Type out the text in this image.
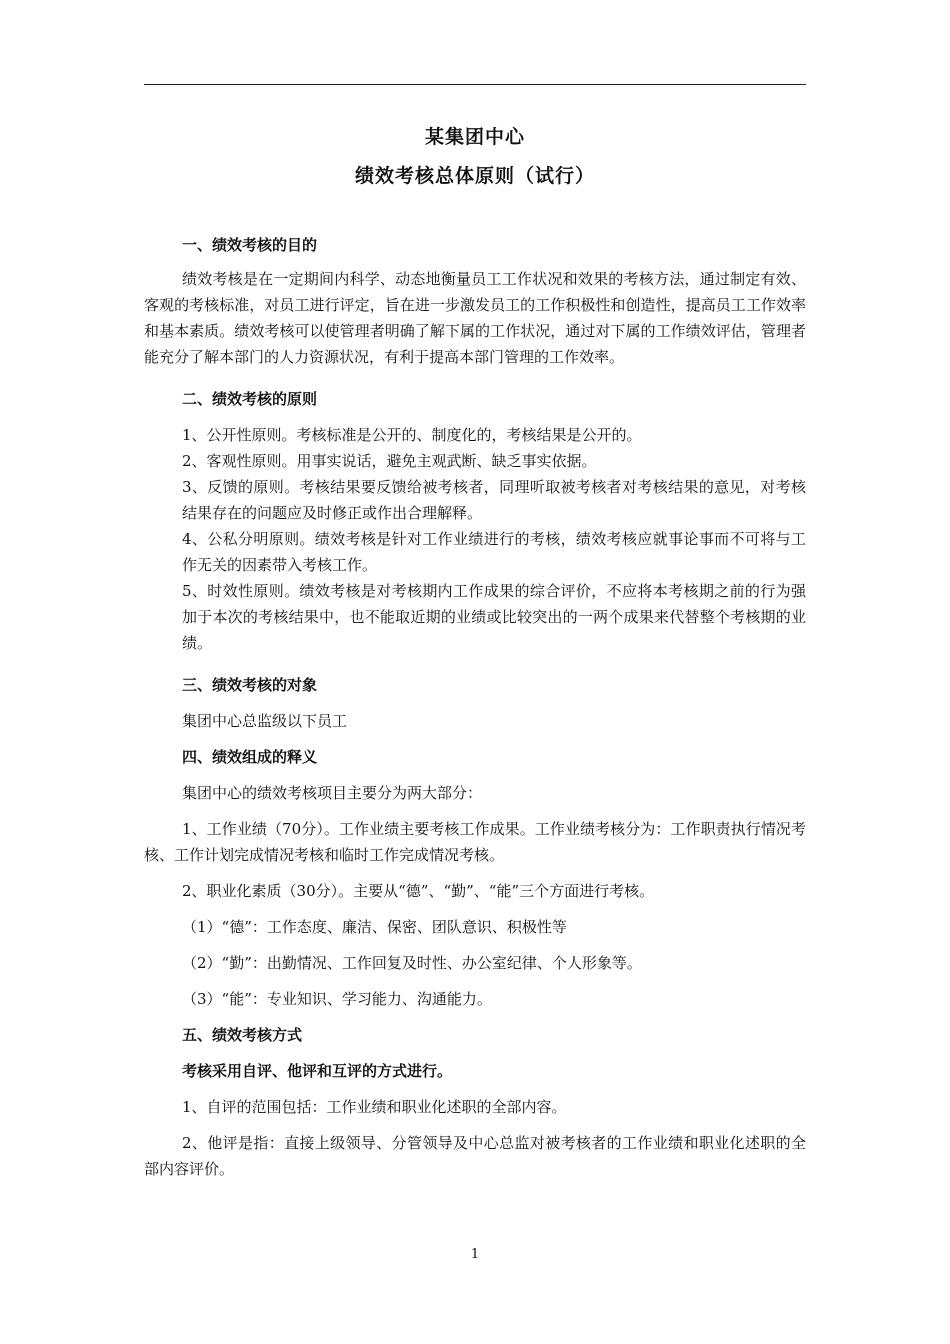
某集团中心
绩效考核总体原则（试行）

一、绩效考核的目的

绩效考核是在一定期间内科学、动态地衡量员工工作状况和效果的考核方法，通过制定有效、客观的考核标准，对员工进行评定，旨在进一步激发员工的工作积极性和创造性，提高员工工作效率和基本素质。绩效考核可以使管理者明确了解下属的工作状况，通过对下属的工作绩效评估，管理者能充分了解本部门的人力资源状况，有利于提高本部门管理的工作效率。

二、绩效考核的原则

1、公开性原则。考核标准是公开的、制度化的，考核结果是公开的。

2、客观性原则。用事实说话，避免主观武断、缺乏事实依据。

3、反馈的原则。考核结果要反馈给被考核者，同理听取被考核者对考核结果的意见，对考核结果存在的问题应及时修正或作出合理解释。

4、公私分明原则。绩效考核是针对工作业绩进行的考核，绩效考核应就事论事而不可将与工作无关的因素带入考核工作。

5、时效性原则。绩效考核是对考核期内工作成果的综合评价，不应将本考核期之前的行为强加于本次的考核结果中，也不能取近期的业绩或比较突出的一两个成果来代替整个考核期的业绩。

三、绩效考核的对象

集团中心总监级以下员工

四、绩效组成的释义

集团中心的绩效考核项目主要分为两大部分：

1、工作业绩（70分）。工作业绩主要考核工作成果。工作业绩考核分为：工作职责执行情况考核、工作计划完成情况考核和临时工作完成情况考核。

2、职业化素质（30分）。主要从“德”、“勤”、“能”三个方面进行考核。

（1）“德”：工作态度、廉洁、保密、团队意识、积极性等

（2）“勤”：出勤情况、工作回复及时性、办公室纪律、个人形象等。

（3）“能”：专业知识、学习能力、沟通能力。

五、绩效考核方式

考核采用自评、他评和互评的方式进行。

1、自评的范围包括：工作业绩和职业化述职的全部内容。

2、他评是指：直接上级领导、分管领导及中心总监对被考核者的工作业绩和职业化述职的全部内容评价。

1
